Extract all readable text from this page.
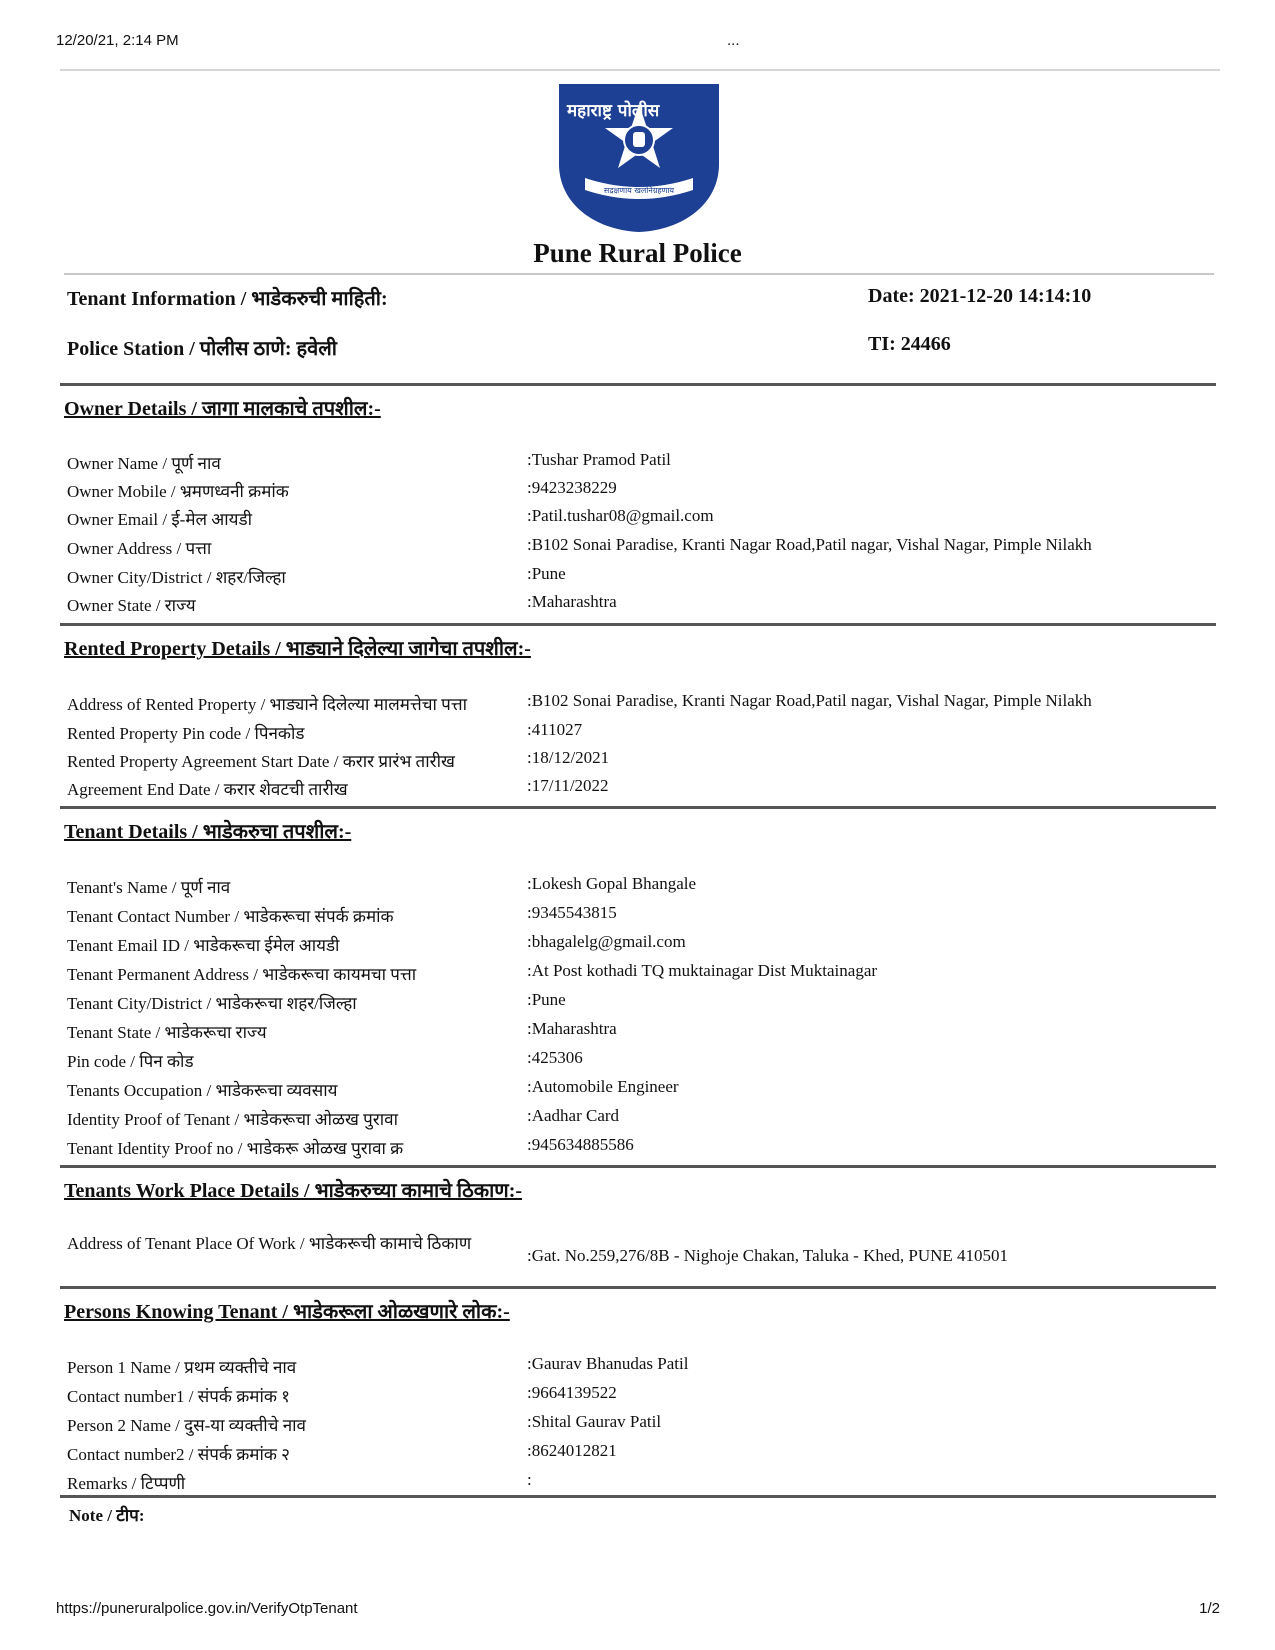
12/20/21, 2:14 PM	...
महाराष्ट्र पोलीस
सद्रक्षणाय खलनिग्रहणाय
Pune Rural Police
Tenant Information / भाडेकरुची माहिती:	Date: 2021-12-20 14:14:10
Police Station / पोलीस ठाणे: हवेली	TI: 24466
Owner Details / जागा मालकाचे तपशील:-
Owner Name / पूर्ण नाव	:Tushar Pramod Patil
Owner Mobile / भ्रमणध्वनी क्रमांक	:9423238229
Owner Email / ई-मेल आयडी	:Patil.tushar08@gmail.com
Owner Address / पत्ता	:B102 Sonai Paradise, Kranti Nagar Road,Patil nagar, Vishal Nagar, Pimple Nilakh
Owner City/District / शहर/जिल्हा	:Pune
Owner State / राज्य	:Maharashtra
Rented Property Details / भाड्याने दिलेल्या जागेचा तपशील:-
Address of Rented Property / भाड्याने दिलेल्या मालमत्तेचा पत्ता	:B102 Sonai Paradise, Kranti Nagar Road,Patil nagar, Vishal Nagar, Pimple Nilakh
Rented Property Pin code / पिनकोड	:411027
Rented Property Agreement Start Date / करार प्रारंभ तारीख	:18/12/2021
Agreement End Date / करार शेवटची तारीख	:17/11/2022
Tenant Details / भाडेकरुचा तपशील:-
Tenant's Name / पूर्ण नाव	:Lokesh Gopal Bhangale
Tenant Contact Number / भाडेकरूचा संपर्क क्रमांक	:9345543815
Tenant Email ID / भाडेकरूचा ईमेल आयडी	:bhagalelg@gmail.com
Tenant Permanent Address / भाडेकरूचा कायमचा पत्ता	:At Post kothadi TQ muktainagar Dist Muktainagar
Tenant City/District / भाडेकरूचा शहर/जिल्हा	:Pune
Tenant State / भाडेकरूचा राज्य	:Maharashtra
Pin code / पिन कोड	:425306
Tenants Occupation / भाडेकरूचा व्यवसाय	:Automobile Engineer
Identity Proof of Tenant / भाडेकरूचा ओळख पुरावा	:Aadhar Card
Tenant Identity Proof no / भाडेकरू ओळख पुरावा क्र	:945634885586
Tenants Work Place Details / भाडेकरुच्या कामाचे ठिकाण:-
Address of Tenant Place Of Work / भाडेकरूची कामाचे ठिकाण
:Gat. No.259,276/8B - Nighoje Chakan, Taluka - Khed, PUNE 410501
Persons Knowing Tenant / भाडेकरूला ओळखणारे लोक:-
Person 1 Name / प्रथम व्यक्तीचे नाव	:Gaurav Bhanudas Patil
Contact number1 / संपर्क क्रमांक १	:9664139522
Person 2 Name / दुस-या व्यक्तीचे नाव	:Shital Gaurav Patil
Contact number2 / संपर्क क्रमांक २	:8624012821
Remarks / टिप्पणी	:
Note / टीप:
https://puneruralpolice.gov.in/VerifyOtpTenant	1/2
